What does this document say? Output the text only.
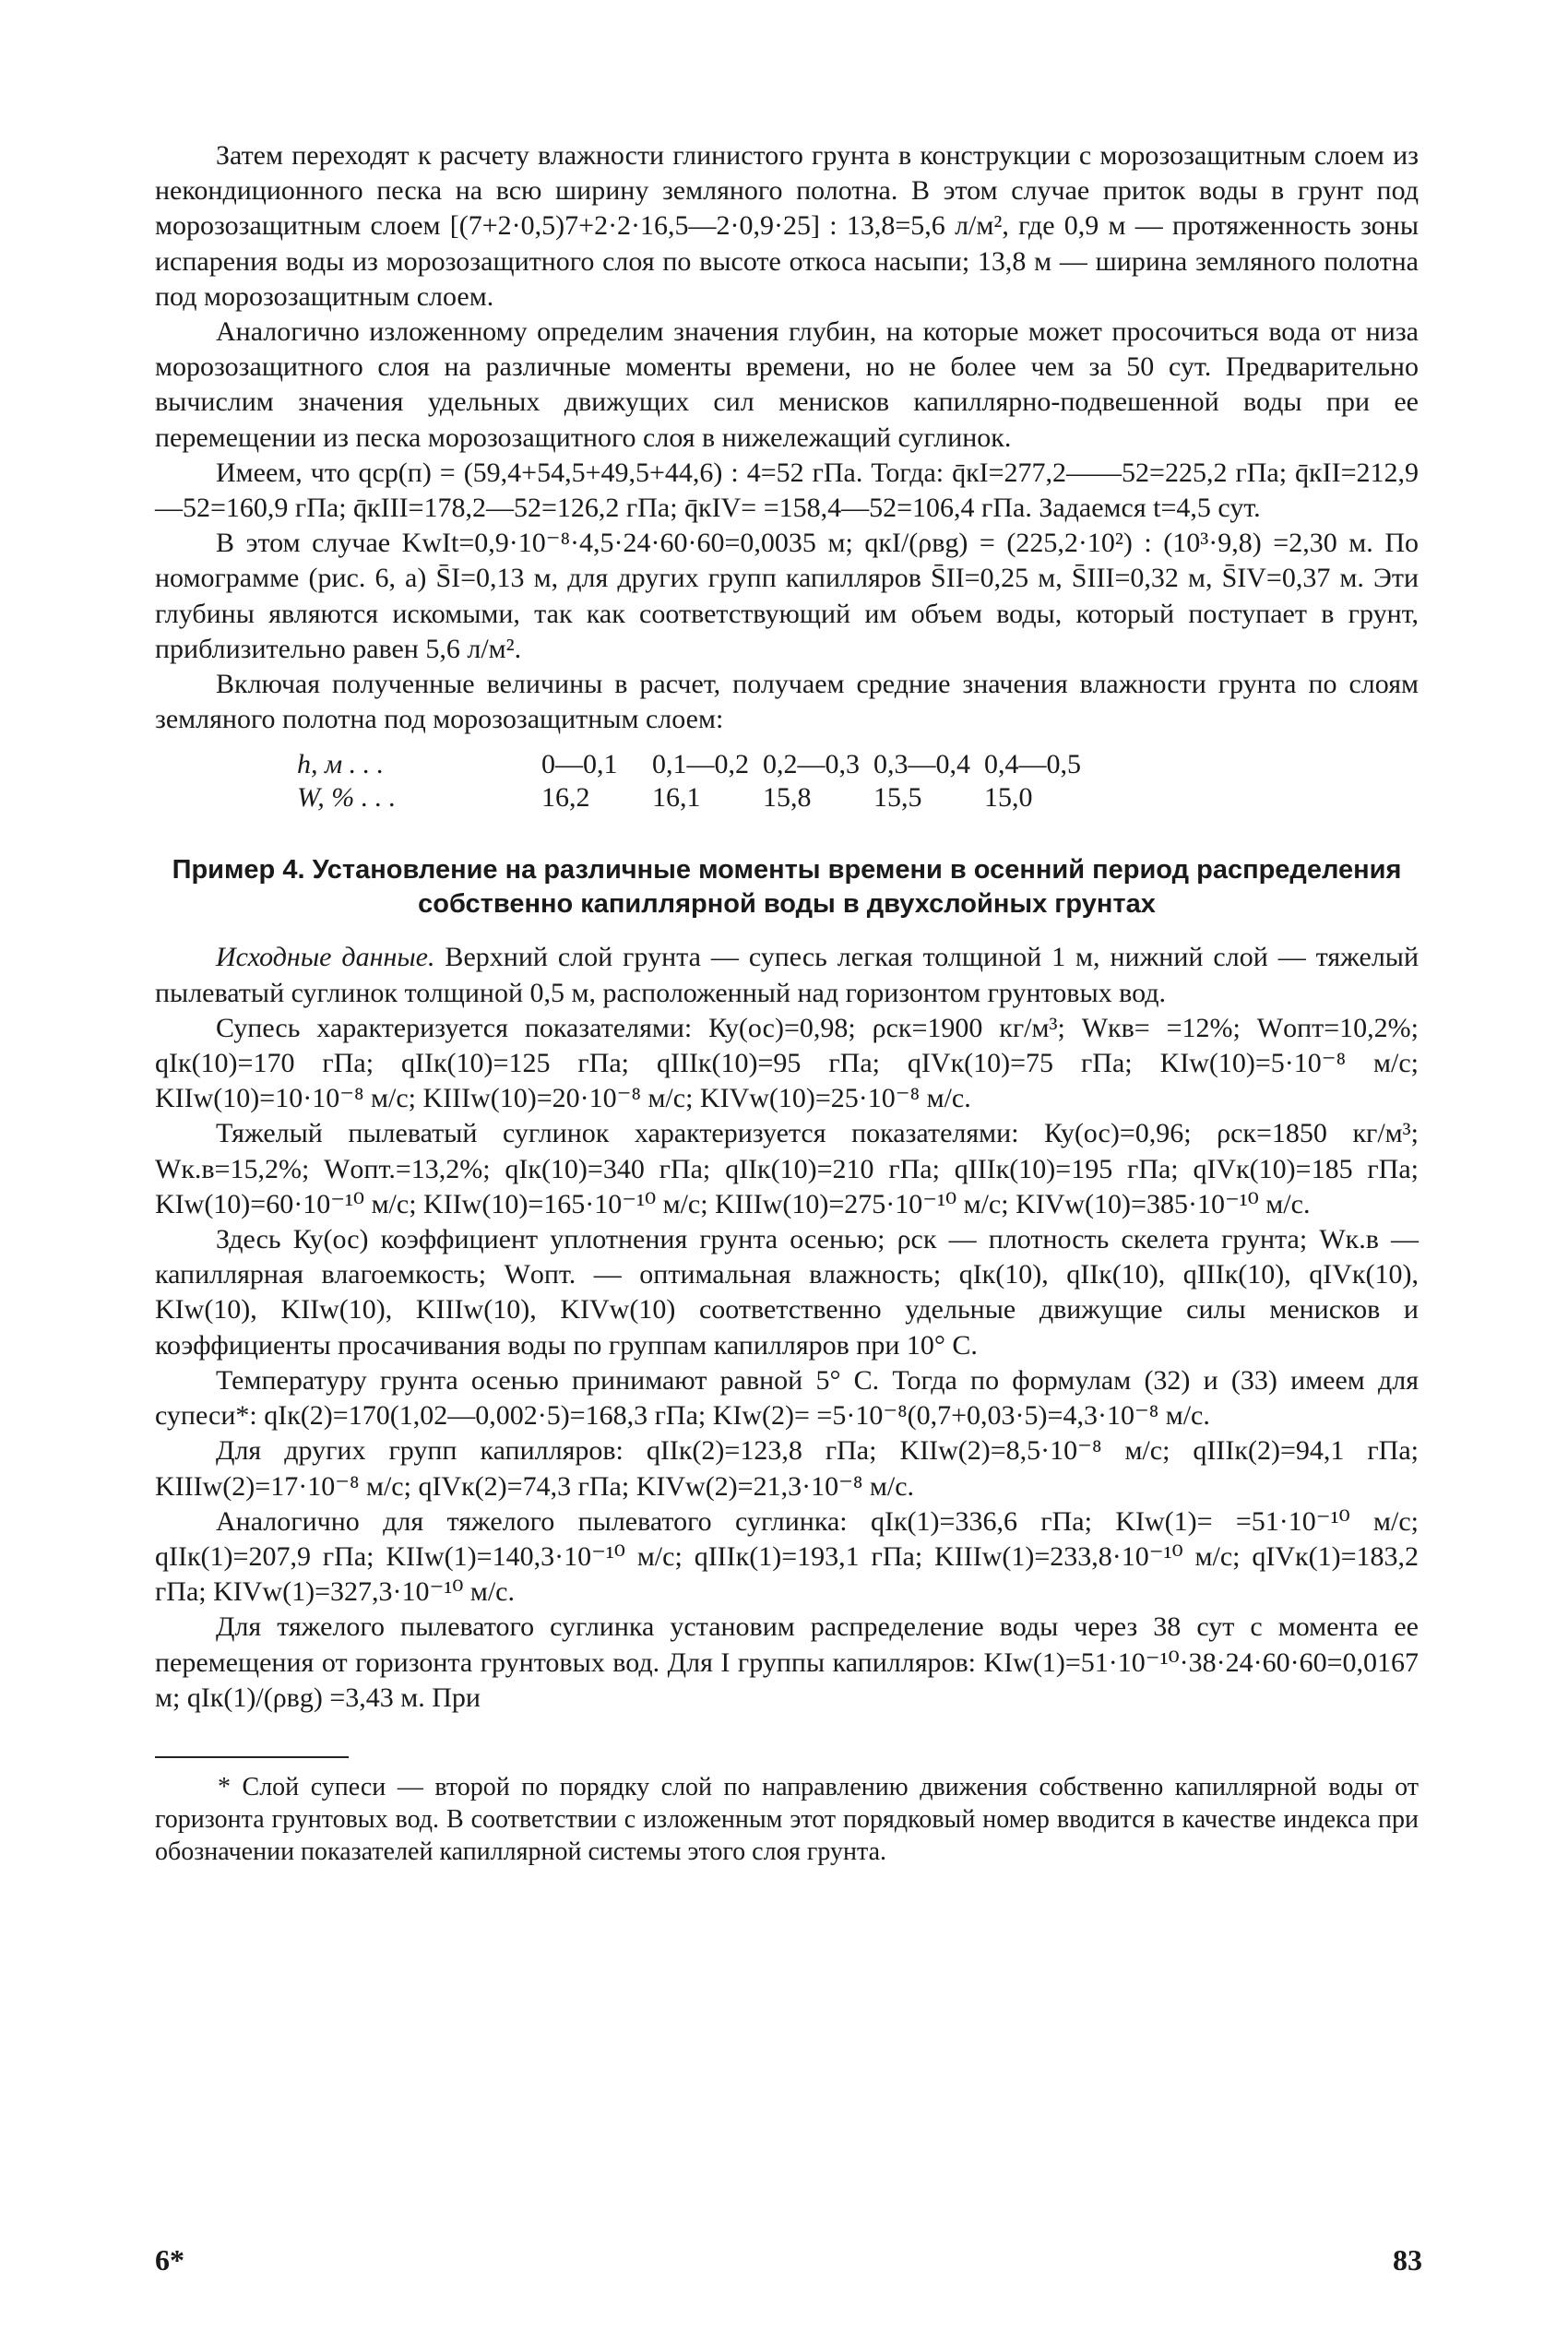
Затем переходят к расчету влажности глинистого грунта в конструкции с морозозащитным слоем из некондиционного песка на всю ширину земляного полотна. В этом случае приток воды в грунт под морозозащитным слоем [(7+2·0,5)7+2·2·16,5—2·0,9·25] : 13,8=5,6 л/м², где 0,9 м — протяженность зоны испарения воды из морозозащитного слоя по высоте откоса насыпи; 13,8 м — ширина земляного полотна под морозозащитным слоем.

Аналогично изложенному определим значения глубин, на которые может просочиться вода от низа морозозащитного слоя на различные моменты времени, но не более чем за 50 сут. Предварительно вычислим значения удельных движущих сил менисков капиллярно-подвешенной воды при ее перемещении из песка морозозащитного слоя в нижележащий суглинок.

Имеем, что qср(п) = (59,4+54,5+49,5+44,6) : 4=52 гПа. Тогда: q̄кI=277,2——52=225,2 гПа; q̄кII=212,9—52=160,9 гПа; q̄кIII=178,2—52=126,2 гПа; q̄кIV= =158,4—52=106,4 гПа. Задаемся t=4,5 сут.

В этом случае KwIt=0,9·10⁻⁸·4,5·24·60·60=0,0035 м; qкI/(ρвg) = (225,2·10²) : (10³·9,8) =2,30 м. По номограмме (рис. 6, а) S̄I=0,13 м, для других групп капилляров S̄II=0,25 м, S̄III=0,32 м, S̄IV=0,37 м. Эти глубины являются искомыми, так как соответствующий им объем воды, который поступает в грунт, приблизительно равен 5,6 л/м².

Включая полученные величины в расчет, получаем средние значения влажности грунта по слоям земляного полотна под морозозащитным слоем:

h, м . . .	0—0,1	0,1—0,2 0,2—0,3 0,3—0,4 0,4—0,5
W, % . . .	16,2	16,1	15,8	15,5	15,0
Пример 4. Установление на различные моменты времени в осенний период распределения собственно капиллярной воды в двухслойных грунтах

Исходные данные. Верхний слой грунта — супесь легкая толщиной 1 м, нижний слой — тяжелый пылеватый суглинок толщиной 0,5 м, расположенный над горизонтом грунтовых вод.

Супесь характеризуется показателями: Ку(ос)=0,98; ρск=1900 кг/м³; Wкв= =12%; Wопт=10,2%; qIк(10)=170 гПа; qIIк(10)=125 гПа; qIIIк(10)=95 гПа; qIVк(10)=75 гПа; KIw(10)=5·10⁻⁸ м/с; KIIw(10)=10·10⁻⁸ м/с; KIIIw(10)=20·10⁻⁸ м/с; KIVw(10)=25·10⁻⁸ м/с.

Тяжелый пылеватый суглинок характеризуется показателями: Ку(ос)=0,96; ρск=1850 кг/м³; Wк.в=15,2%; Wопт.=13,2%; qIк(10)=340 гПа; qIIк(10)=210 гПа; qIIIк(10)=195 гПа; qIVк(10)=185 гПа; KIw(10)=60·10⁻¹⁰ м/с; KIIw(10)=165·10⁻¹⁰ м/с; KIIIw(10)=275·10⁻¹⁰ м/с; KIVw(10)=385·10⁻¹⁰ м/с.

Здесь Ку(ос) коэффициент уплотнения грунта осенью; ρск — плотность скелета грунта; Wк.в — капиллярная влагоемкость; Wопт. — оптимальная влажность; qIк(10), qIIк(10), qIIIк(10), qIVк(10), KIw(10), KIIw(10), KIIIw(10), KIVw(10) соответственно удельные движущие силы менисков и коэффициенты просачивания воды по группам капилляров при 10° С.

Температуру грунта осенью принимают равной 5° С. Тогда по формулам (32) и (33) имеем для супеси*: qIк(2)=170(1,02—0,002·5)=168,3 гПа; KIw(2)= =5·10⁻⁸(0,7+0,03·5)=4,3·10⁻⁸ м/с.

Для других групп капилляров: qIIк(2)=123,8 гПа; KIIw(2)=8,5·10⁻⁸ м/с; qIIIк(2)=94,1 гПа; KIIIw(2)=17·10⁻⁸ м/с; qIVк(2)=74,3 гПа; KIVw(2)=21,3·10⁻⁸ м/с.

Аналогично для тяжелого пылеватого суглинка: qIк(1)=336,6 гПа; KIw(1)= =51·10⁻¹⁰ м/с; qIIк(1)=207,9 гПа; KIIw(1)=140,3·10⁻¹⁰ м/с; qIIIк(1)=193,1 гПа; KIIIw(1)=233,8·10⁻¹⁰ м/с; qIVк(1)=183,2 гПа; KIVw(1)=327,3·10⁻¹⁰ м/с.

Для тяжелого пылеватого суглинка установим распределение воды через 38 сут с момента ее перемещения от горизонта грунтовых вод. Для I группы капилляров: KIw(1)=51·10⁻¹⁰·38·24·60·60=0,0167 м; qIк(1)/(ρвg) =3,43 м. При

* Слой супеси — второй по порядку слой по направлению движения собственно капиллярной воды от горизонта грунтовых вод. В соответствии с изложенным этот порядковый номер вводится в качестве индекса при обозначении показателей капиллярной системы этого слоя грунта.

6*	83
